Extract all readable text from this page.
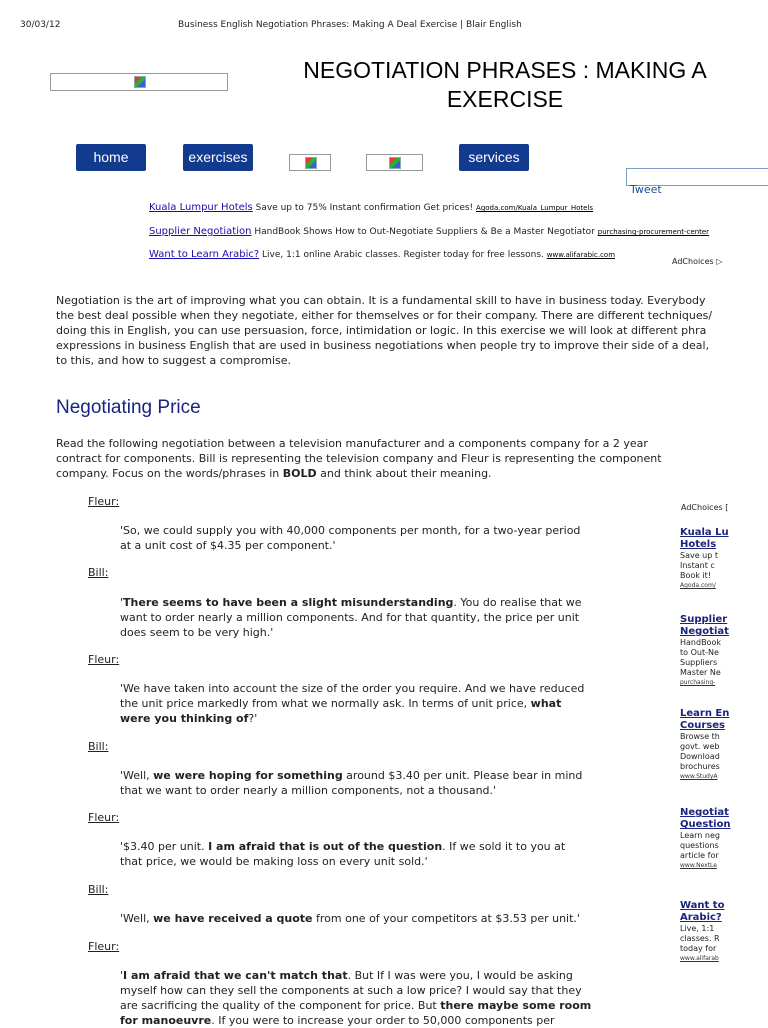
30/03/12	Business English Negotiation Phrases: Making A Deal Exercise | Blair English
NEGOTIATION PHRASES : MAKING A
EXERCISE
home	exercises	services
Tweet
Kuala Lumpur Hotels Save up to 75% Instant confirmation Get prices! Agoda.com/Kuala_Lumpur_Hotels
Supplier Negotiation HandBook Shows How to Out-Negotiate Suppliers & Be a Master Negotiator purchasing-procurement-center
Want to Learn Arabic? Live, 1:1 online Arabic classes. Register today for free lessons. www.alifarabic.com
AdChoices ▷
Negotiation is the art of improving what you can obtain. It is a fundamental skill to have in business today. Everybody
the best deal possible when they negotiate, either for themselves or for their company. There are different techniques/
doing this in English, you can use persuasion, force, intimidation or logic. In this exercise we will look at different phra
expressions in business English that are used in business negotiations when people try to improve their side of a deal,
to this, and how to suggest a compromise.
Negotiating Price
Read the following negotiation between a television manufacturer and a components company for a 2 year
contract for components. Bill is representing the television company and Fleur is representing the component
company. Focus on the words/phrases in BOLD and think about their meaning.
Fleur:
'So, we could supply you with 40,000 components per month, for a two-year period
at a unit cost of $4.35 per component.'
Bill:
'There seems to have been a slight misunderstanding. You do realise that we
want to order nearly a million components. And for that quantity, the price per unit
does seem to be very high.'
Fleur:
'We have taken into account the size of the order you require. And we have reduced
the unit price markedly from what we normally ask. In terms of unit price, what
were you thinking of?'
Bill:
'Well, we were hoping for something around $3.40 per unit. Please bear in mind
that we want to order nearly a million components, not a thousand.'
Fleur:
'$3.40 per unit. I am afraid that is out of the question. If we sold it to you at
that price, we would be making loss on every unit sold.'
Bill:
'Well, we have received a quote from one of your competitors at $3.53 per unit.'
Fleur:
'I am afraid that we can't match that. But If I was were you, I would be asking
myself how can they sell the components at such a low price? I would say that they
are sacrificing the quality of the component for price. But there maybe some room
for manoeuvre. If you were to increase your order to 50,000 components per
AdChoices [
Kuala Lu
Hotels
Save up t
Instant c
Book it!
Agoda.com/
Supplier
Negotiat
HandBook
to Out-Ne
Suppliers
Master Ne
purchasing-
Learn En
Courses
Browse th
govt. web
Download
brochures
www.StudyA
Negotiat
Question
Learn neg
questions
article for
www.NextLe
Want to
Arabic?
Live, 1:1
classes. R
today for
www.alifarab
